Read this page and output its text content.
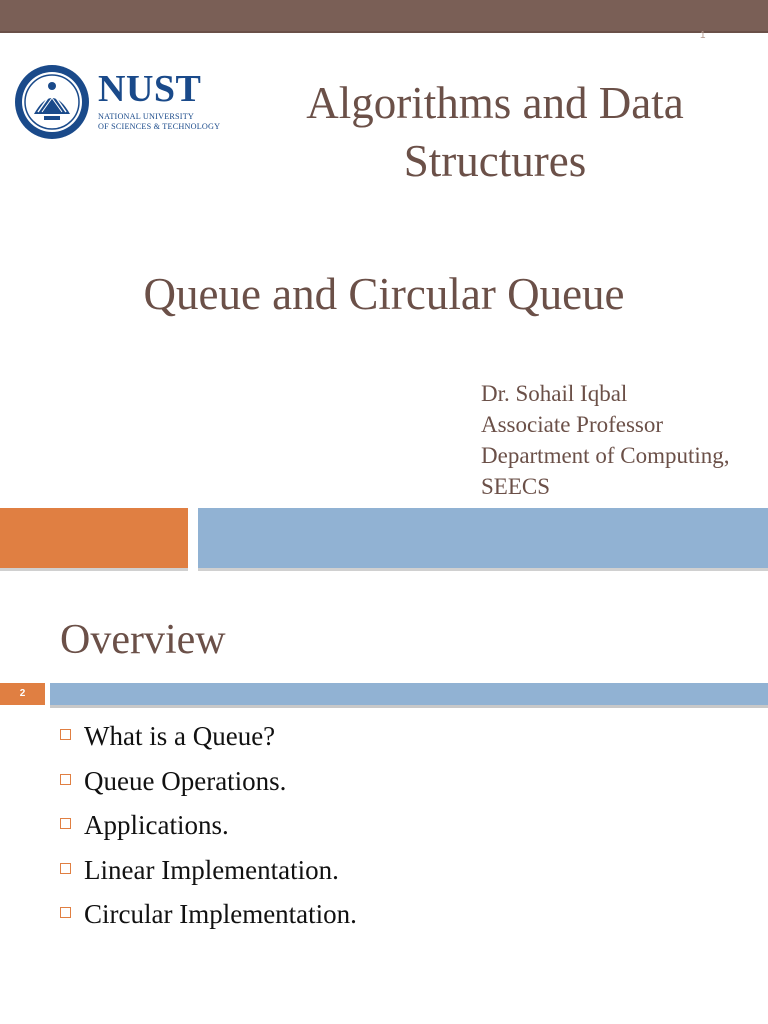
1
NUST
NATIONAL UNIVERSITY
OF SCIENCES & TECHNOLOGY	Algorithms and Data
Structures
Queue and Circular Queue
Dr. Sohail Iqbal
Associate Professor
Department of Computing,
SEECS
Overview
2
What is a Queue?
Queue Operations.
Applications.
Linear Implementation.
Circular Implementation.
